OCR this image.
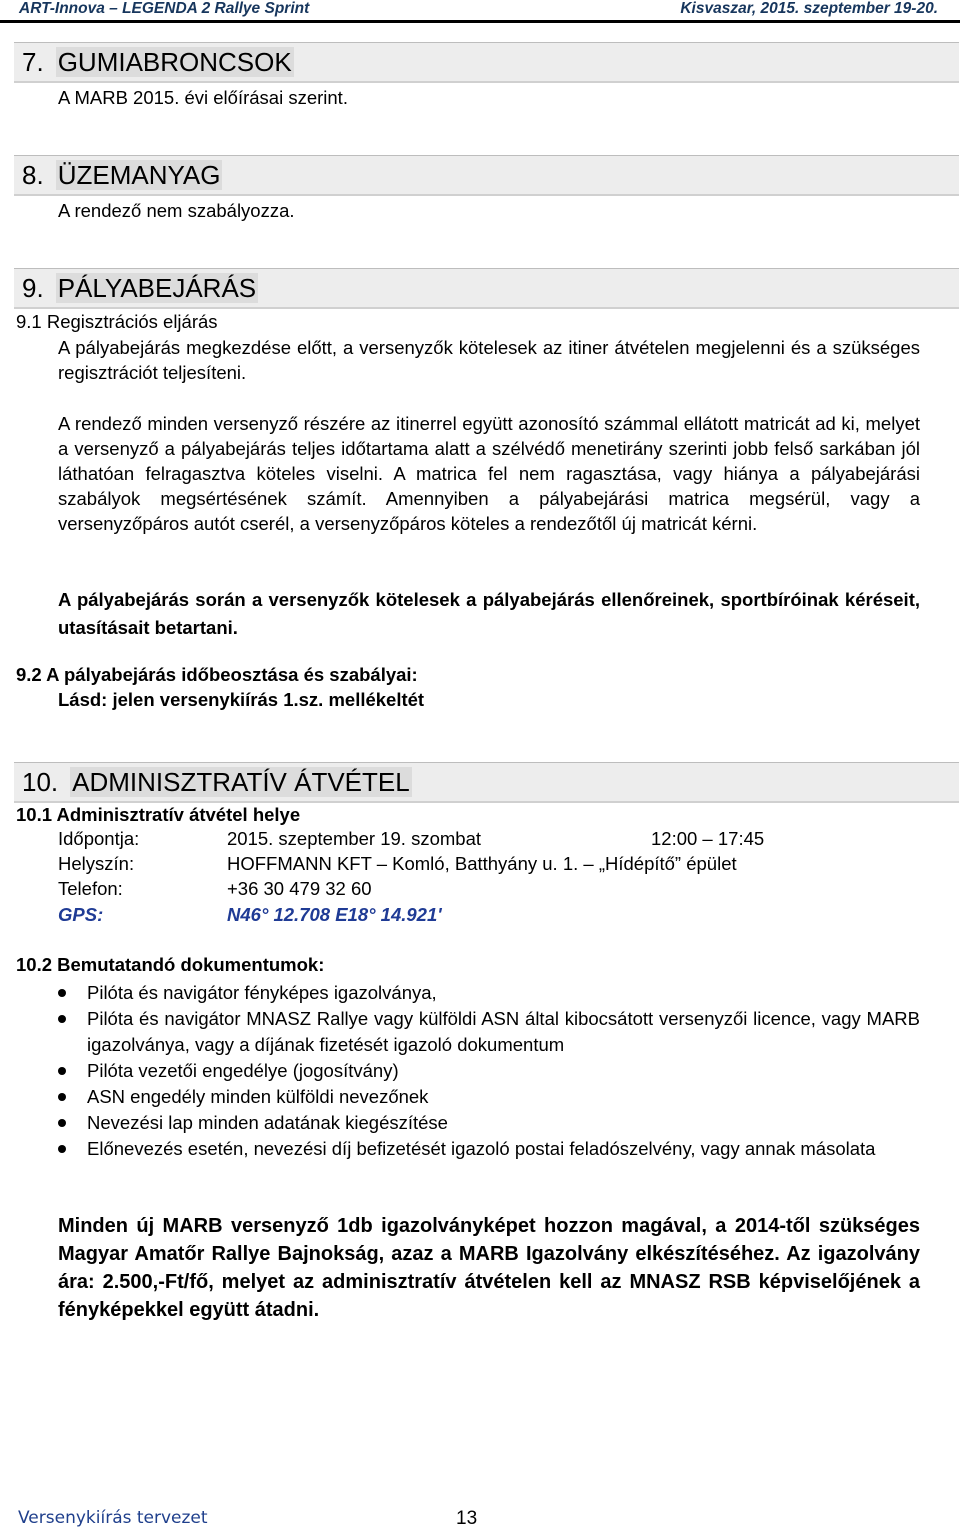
ART-Innova – LEGENDA 2 Rallye Sprint	Kisvaszar, 2015. szeptember 19-20.
7. GUMIABRONCSOK
A MARB 2015. évi előírásai szerint.
8. ÜZEMANYAG
A rendező nem szabályozza.
9. PÁLYABEJÁRÁS
9.1 Regisztrációs eljárás
A pályabejárás megkezdése előtt, a versenyzők kötelesek az itiner átvételen megjelenni és a szükséges regisztrációt teljesíteni.
A rendező minden versenyző részére az itinerrel együtt azonosító számmal ellátott matricát ad ki, melyet a versenyző a pályabejárás teljes időtartama alatt a szélvédő menetirány szerinti jobb felső sarkában jól láthatóan felragasztva köteles viselni. A matrica fel nem ragasztása, vagy hiánya a pályabejárási szabályok megsértésének számít. Amennyiben a pályabejárási matrica megsérül, vagy a versenyzőpáros autót cserél, a versenyzőpáros köteles a rendezőtől új matricát kérni.
A pályabejárás során a versenyzők kötelesek a pályabejárás ellenőreinek, sportbíróinak kéréseit, utasításait betartani.
9.2 A pályabejárás időbeosztása és szabályai:
Lásd: jelen versenykiírás 1.sz. mellékeltét
10. ADMINISZTRATÍV ÁTVÉTEL
10.1 Adminisztratív átvétel helye
Időpontja:	2015. szeptember 19. szombat	12:00 – 17:45
Helyszín:	HOFFMANN KFT – Komló, Batthyány u. 1. – „Hídépítő” épület
Telefon:	+36 30 479 32 60
GPS:	N46° 12.708 E18° 14.921'
10.2 Bemutatandó dokumentumok:
Pilóta és navigátor fényképes igazolványa,
Pilóta és navigátor MNASZ Rallye vagy külföldi ASN által kibocsátott versenyzői licence, vagy MARB igazolványa, vagy a díjának fizetését igazoló dokumentum
Pilóta vezetői engedélye (jogosítvány)
ASN engedély minden külföldi nevezőnek
Nevezési lap minden adatának kiegészítése
Előnevezés esetén, nevezési díj befizetését igazoló postai feladószelvény, vagy annak másolata
Minden új MARB versenyző 1db igazolványképet hozzon magával, a 2014-től szükséges Magyar Amatőr Rallye Bajnokság, azaz a MARB Igazolvány elkészítéséhez. Az igazolvány ára: 2.500,-Ft/fő, melyet az adminisztratív átvételen kell az MNASZ RSB képviselőjének a fényképekkel együtt átadni.
Versenykiírás tervezet	13
